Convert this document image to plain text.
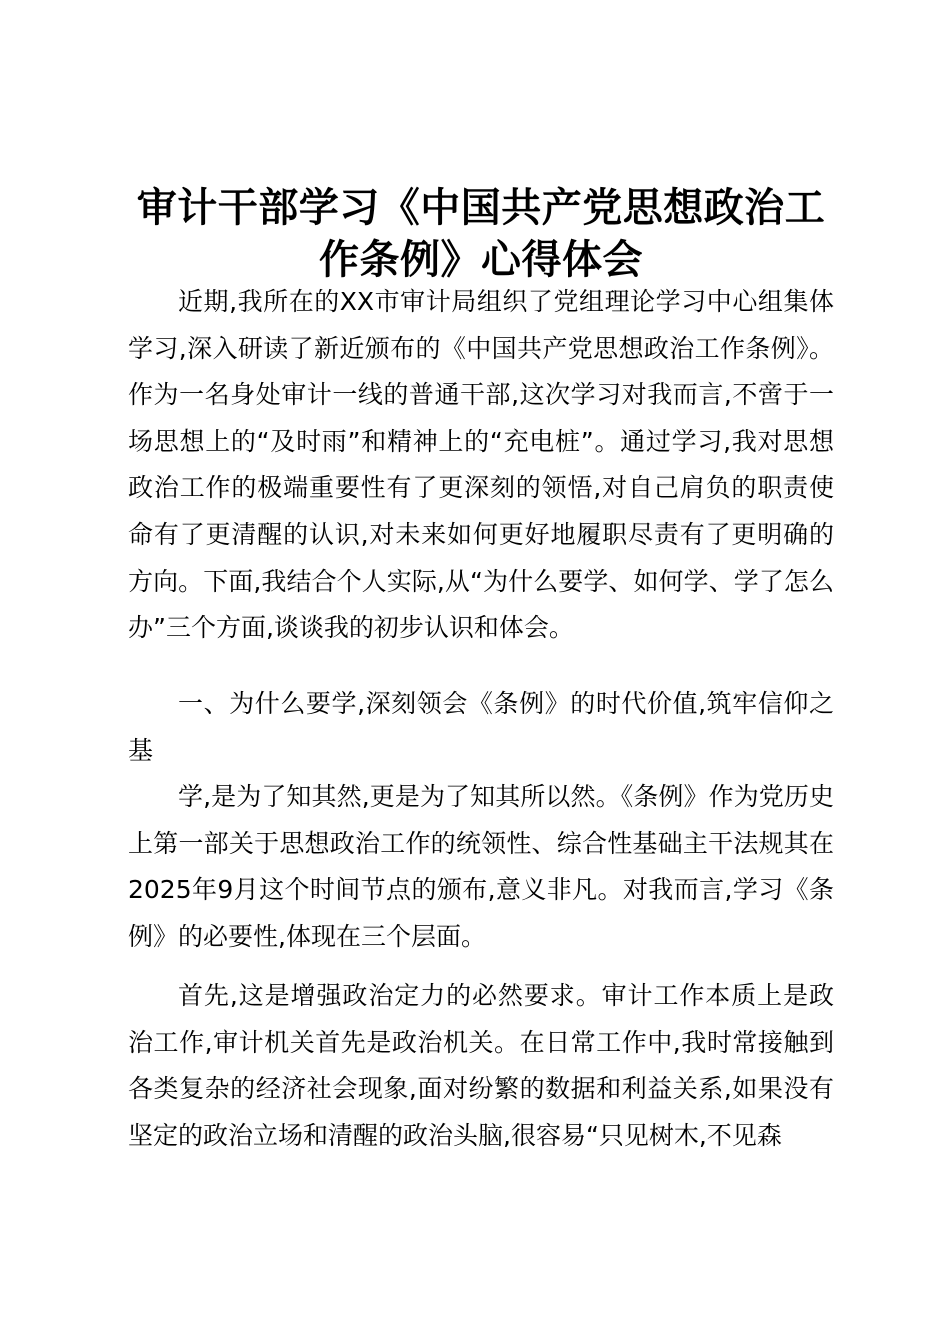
审计干部学习《中国共产党思想政治工作条例》心得体会

近期,我所在的XX市审计局组织了党组理论学习中心组集体学习,深入研读了新近颁布的《中国共产党思想政治工作条例》。作为一名身处审计一线的普通干部,这次学习对我而言,不啻于一场思想上的“及时雨”和精神上的“充电桩”。通过学习,我对思想政治工作的极端重要性有了更深刻的领悟,对自己肩负的职责使命有了更清醒的认识,对未来如何更好地履职尽责有了更明确的方向。下面,我结合个人实际,从“为什么要学、如何学、学了怎么办”三个方面,谈谈我的初步认识和体会。

一、为什么要学,深刻领会《条例》的时代价值,筑牢信仰之基

学,是为了知其然,更是为了知其所以然。《条例》作为党历史上第一部关于思想政治工作的统领性、综合性基础主干法规其在2025年9月这个时间节点的颁布,意义非凡。对我而言,学习《条例》的必要性,体现在三个层面。

首先,这是增强政治定力的必然要求。审计工作本质上是政治工作,审计机关首先是政治机关。在日常工作中,我时常接触到各类复杂的经济社会现象,面对纷繁的数据和利益关系,如果没有坚定的政治立场和清醒的政治头脑,很容易“只见树木,不见森
